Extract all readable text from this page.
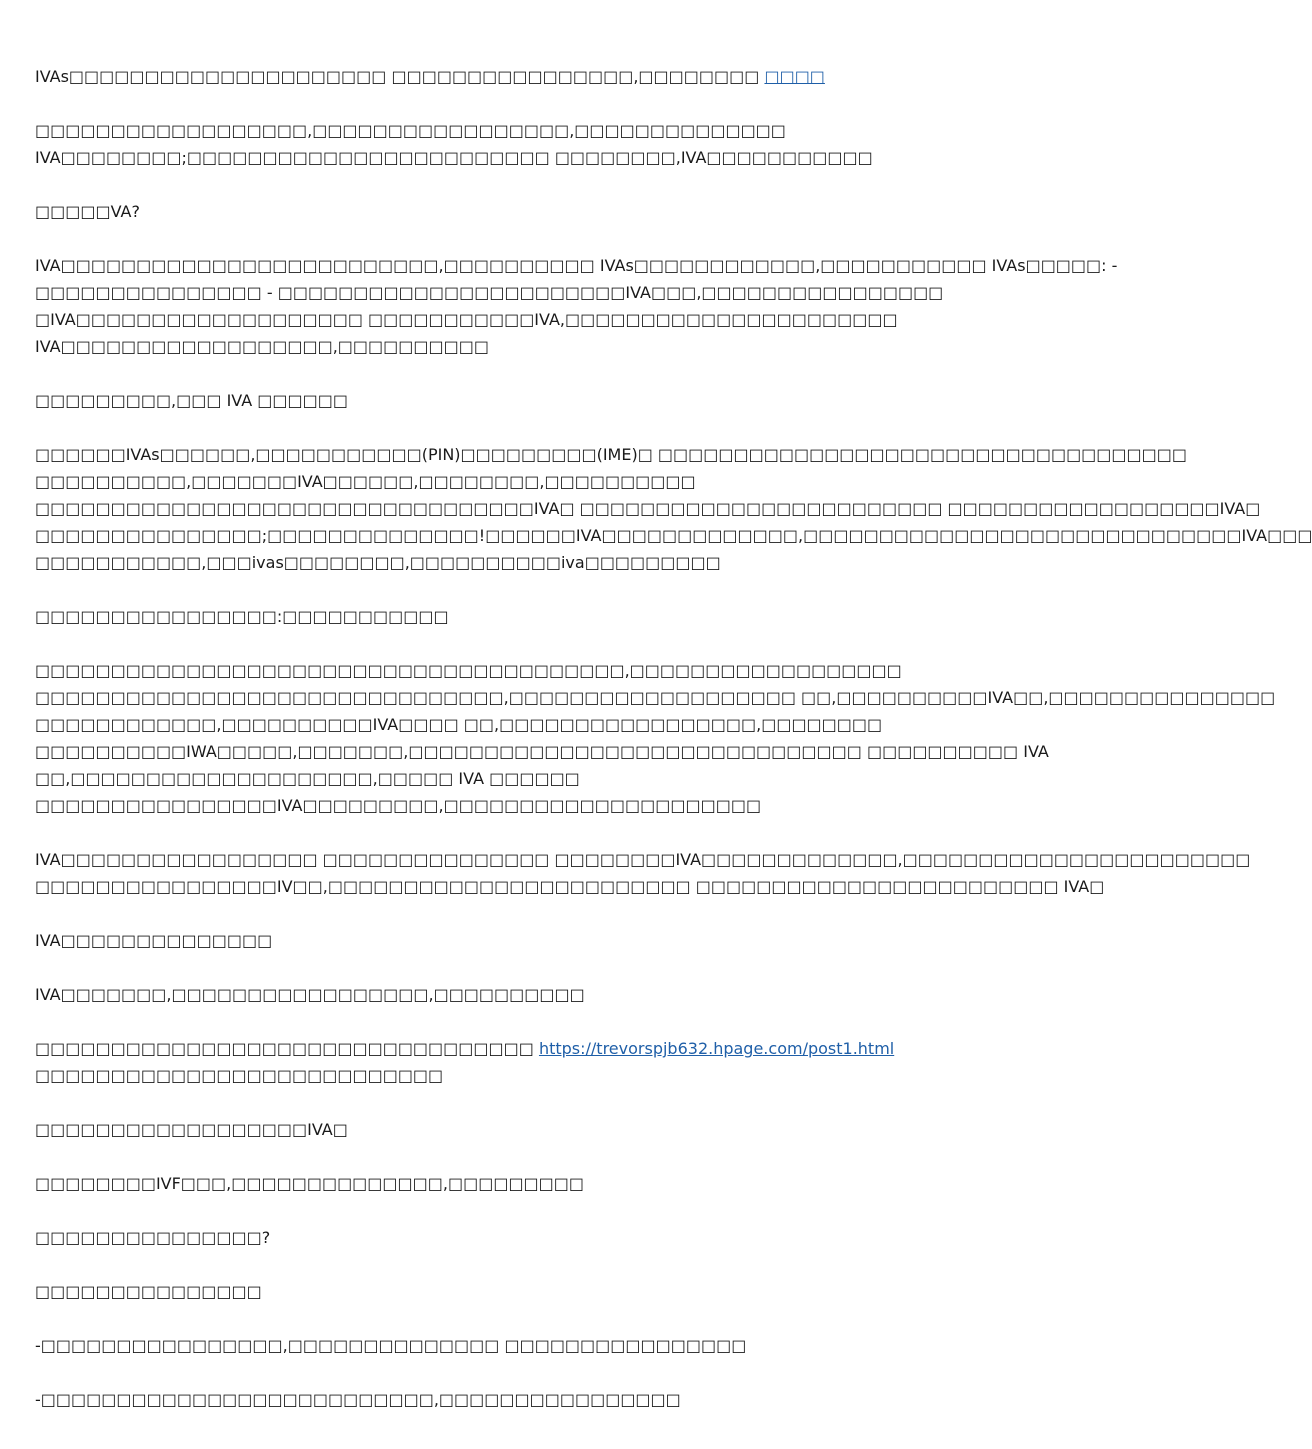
IVAs□□□□□□□□□□□□□□□□□□□□□ □□□□□□□□□□□□□□□□,□□□□□□□□ □□□□
□□□□□□□□□□□□□□□□□□,□□□□□□□□□□□□□□□□□,□□□□□□□□□□□□□□
IVA□□□□□□□□;□□□□□□□□□□□□□□□□□□□□□□□□ □□□□□□□□,IVA□□□□□□□□□□□
□□□□□VA?
IVA□□□□□□□□□□□□□□□□□□□□□□□□□,□□□□□□□□□□ IVAs□□□□□□□□□□□□,□□□□□□□□□□□ IVAs□□□□□: -
□□□□□□□□□□□□□□□ - □□□□□□□□□□□□□□□□□□□□□□□IVA□□□,□□□□□□□□□□□□□□□□
□IVA□□□□□□□□□□□□□□□□□□□ □□□□□□□□□□□IVA,□□□□□□□□□□□□□□□□□□□□□□
IVA□□□□□□□□□□□□□□□□□□,□□□□□□□□□□
□□□□□□□□□,□□□ IVA □□□□□□
□□□□□□IVAs□□□□□□,□□□□□□□□□□□(PIN)□□□□□□□□□(IME)□ □□□□□□□□□□□□□□□□□□□□□□□□□□□□□□□□□□□
□□□□□□□□□□,□□□□□□□IVA□□□□□□,□□□□□□□□,□□□□□□□□□□
□□□□□□□□□□□□□□□□□□□□□□□□□□□□□□□□□IVA□ □□□□□□□□□□□□□□□□□□□□□□□□ □□□□□□□□□□□□□□□□□□IVA□
□□□□□□□□□□□□□□□;□□□□□□□□□□□□□□!□□□□□□IVA□□□□□□□□□□□□□,□□□□□□□□□□□□□□□□□□□□□□□□□□□□□IVA□□□
□□□□□□□□□□□,□□□ivas□□□□□□□□,□□□□□□□□□□iva□□□□□□□□□
□□□□□□□□□□□□□□□□:□□□□□□□□□□□
□□□□□□□□□□□□□□□□□□□□□□□□□□□□□□□□□□□□□□□,□□□□□□□□□□□□□□□□□□
□□□□□□□□□□□□□□□□□□□□□□□□□□□□□□□,□□□□□□□□□□□□□□□□□□□ □□,□□□□□□□□□□IVA□□,□□□□□□□□□□□□□□□
□□□□□□□□□□□□,□□□□□□□□□□IVA□□□□ □□,□□□□□□□□□□□□□□□□□,□□□□□□□□
□□□□□□□□□□IWA□□□□□,□□□□□□□,□□□□□□□□□□□□□□□□□□□□□□□□□□□□□□ □□□□□□□□□□ IVA
□□,□□□□□□□□□□□□□□□□□□□□,□□□□□ IVA □□□□□□
□□□□□□□□□□□□□□□□IVA□□□□□□□□□,□□□□□□□□□□□□□□□□□□□□□
IVA□□□□□□□□□□□□□□□□□ □□□□□□□□□□□□□□□ □□□□□□□□IVA□□□□□□□□□□□□□,□□□□□□□□□□□□□□□□□□□□□□□
□□□□□□□□□□□□□□□□IV□□,□□□□□□□□□□□□□□□□□□□□□□□□ □□□□□□□□□□□□□□□□□□□□□□□□ IVA□
IVA□□□□□□□□□□□□□□
IVA□□□□□□□,□□□□□□□□□□□□□□□□□,□□□□□□□□□□
□□□□□□□□□□□□□□□□□□□□□□□□□□□□□□□□□ https://trevorspjb632.hpage.com/post1.html
□□□□□□□□□□□□□□□□□□□□□□□□□□□
□□□□□□□□□□□□□□□□□□IVA□
□□□□□□□□IVF□□□,□□□□□□□□□□□□□□,□□□□□□□□□
□□□□□□□□□□□□□□□?
□□□□□□□□□□□□□□□
-□□□□□□□□□□□□□□□□,□□□□□□□□□□□□□□ □□□□□□□□□□□□□□□□
-□□□□□□□□□□□□□□□□□□□□□□□□□□,□□□□□□□□□□□□□□□□
